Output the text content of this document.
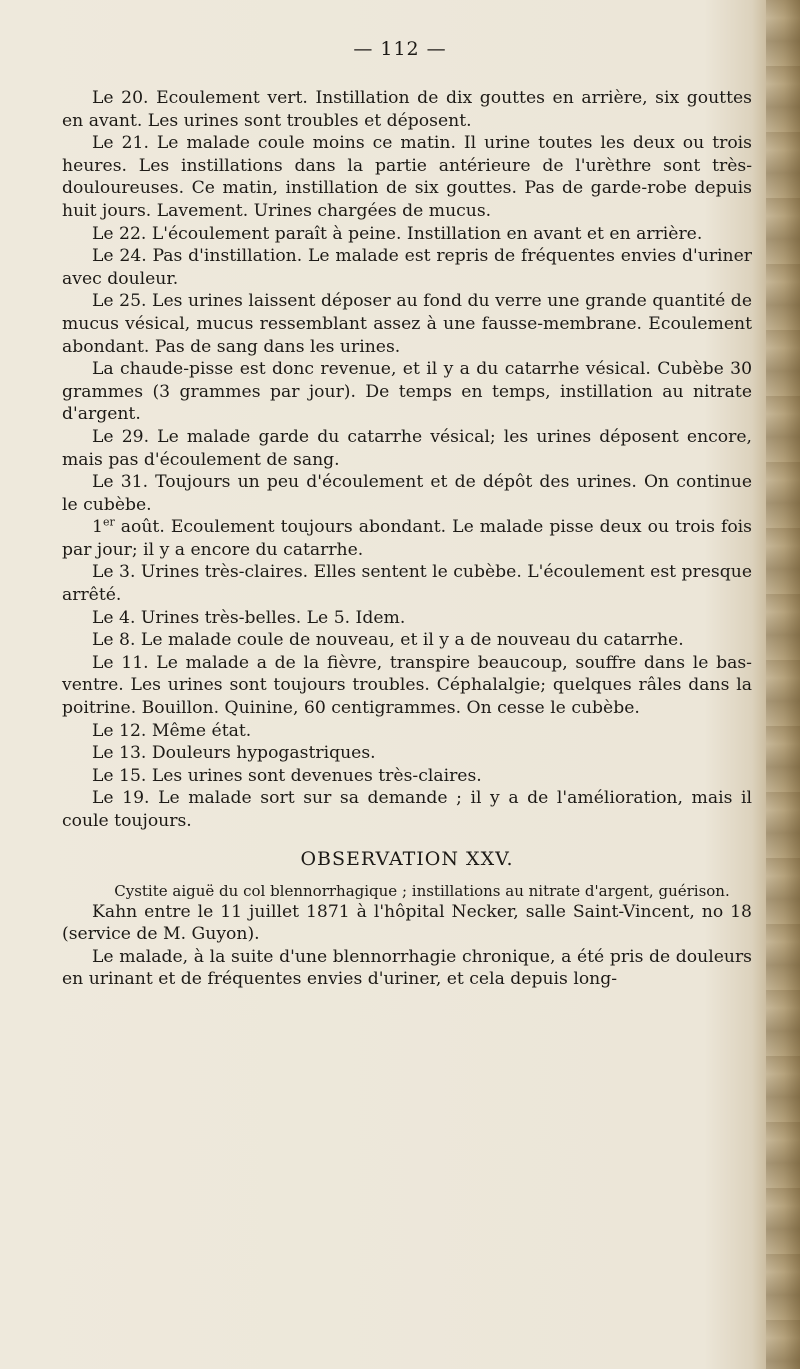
— 112 —

Le 20. Ecoulement vert. Instillation de dix gouttes en arrière, six gouttes en avant. Les urines sont troubles et déposent.

Le 21. Le malade coule moins ce matin. Il urine toutes les deux ou trois heures. Les instillations dans la partie antérieure de l'urèthre sont très-douloureuses. Ce matin, instillation de six gouttes. Pas de garde-robe depuis huit jours. Lavement. Urines chargées de mucus.

Le 22. L'écoulement paraît à peine. Instillation en avant et en arrière.

Le 24. Pas d'instillation. Le malade est repris de fréquentes envies d'uriner avec douleur.

Le 25. Les urines laissent déposer au fond du verre une grande quantité de mucus vésical, mucus ressemblant assez à une fausse-membrane. Ecoulement abondant. Pas de sang dans les urines.

La chaude-pisse est donc revenue, et il y a du catarrhe vésical. Cubèbe 30 grammes (3 grammes par jour). De temps en temps, instillation au nitrate d'argent.

Le 29. Le malade garde du catarrhe vésical; les urines déposent encore, mais pas d'écoulement de sang.

Le 31. Toujours un peu d'écoulement et de dépôt des urines. On continue le cubèbe.

1er août. Ecoulement toujours abondant. Le malade pisse deux ou trois fois par jour; il y a encore du catarrhe.

Le 3. Urines très-claires. Elles sentent le cubèbe. L'écoulement est presque arrêté.

Le 4. Urines très-belles. Le 5. Idem.

Le 8. Le malade coule de nouveau, et il y a de nouveau du catarrhe.

Le 11. Le malade a de la fièvre, transpire beaucoup, souffre dans le bas-ventre. Les urines sont toujours troubles. Céphalalgie; quelques râles dans la poitrine. Bouillon. Quinine, 60 centigrammes. On cesse le cubèbe.

Le 12. Même état.

Le 13. Douleurs hypogastriques.

Le 15. Les urines sont devenues très-claires.

Le 19. Le malade sort sur sa demande ; il y a de l'amélioration, mais il coule toujours.

OBSERVATION XXV.

Cystite aiguë du col blennorrhagique ; instillations au nitrate d'argent, guérison.

Kahn entre le 11 juillet 1871 à l'hôpital Necker, salle Saint-Vincent, no 18 (service de M. Guyon).

Le malade, à la suite d'une blennorrhagie chronique, a été pris de douleurs en urinant et de fréquentes envies d'uriner, et cela depuis long-
